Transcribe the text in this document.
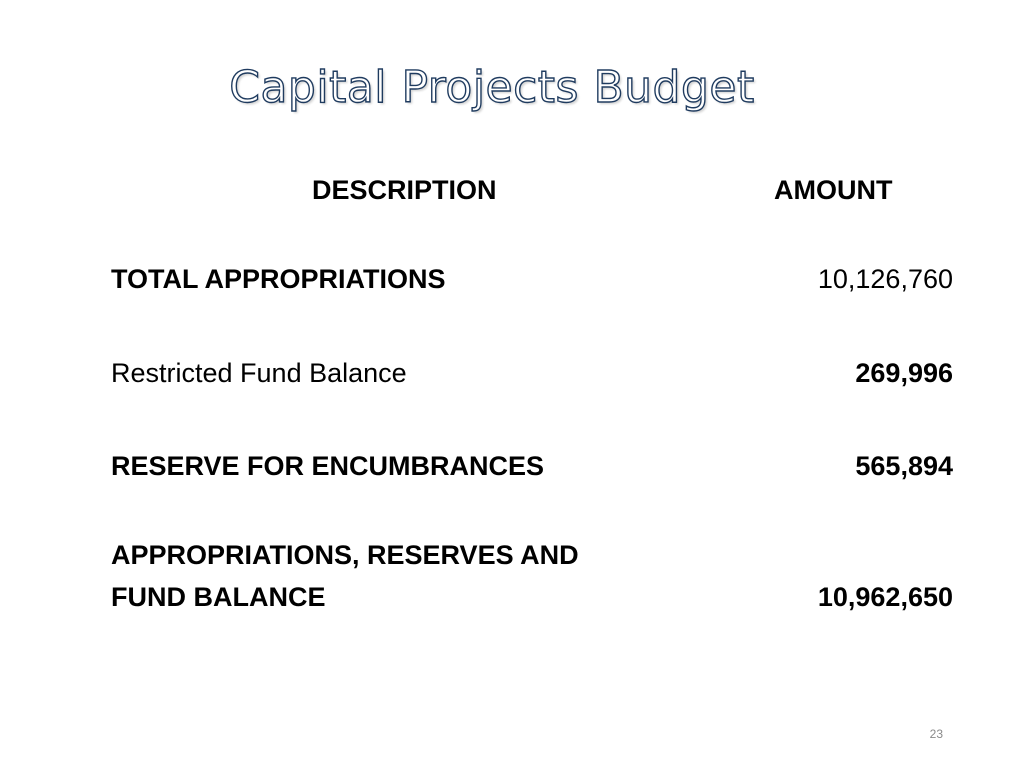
Capital Projects Budget
DESCRIPTION	AMOUNT
TOTAL APPROPRIATIONS	10,126,760
Restricted Fund Balance	269,996
RESERVE FOR ENCUMBRANCES	565,894
APPROPRIATIONS, RESERVES AND
FUND BALANCE	10,962,650
23
